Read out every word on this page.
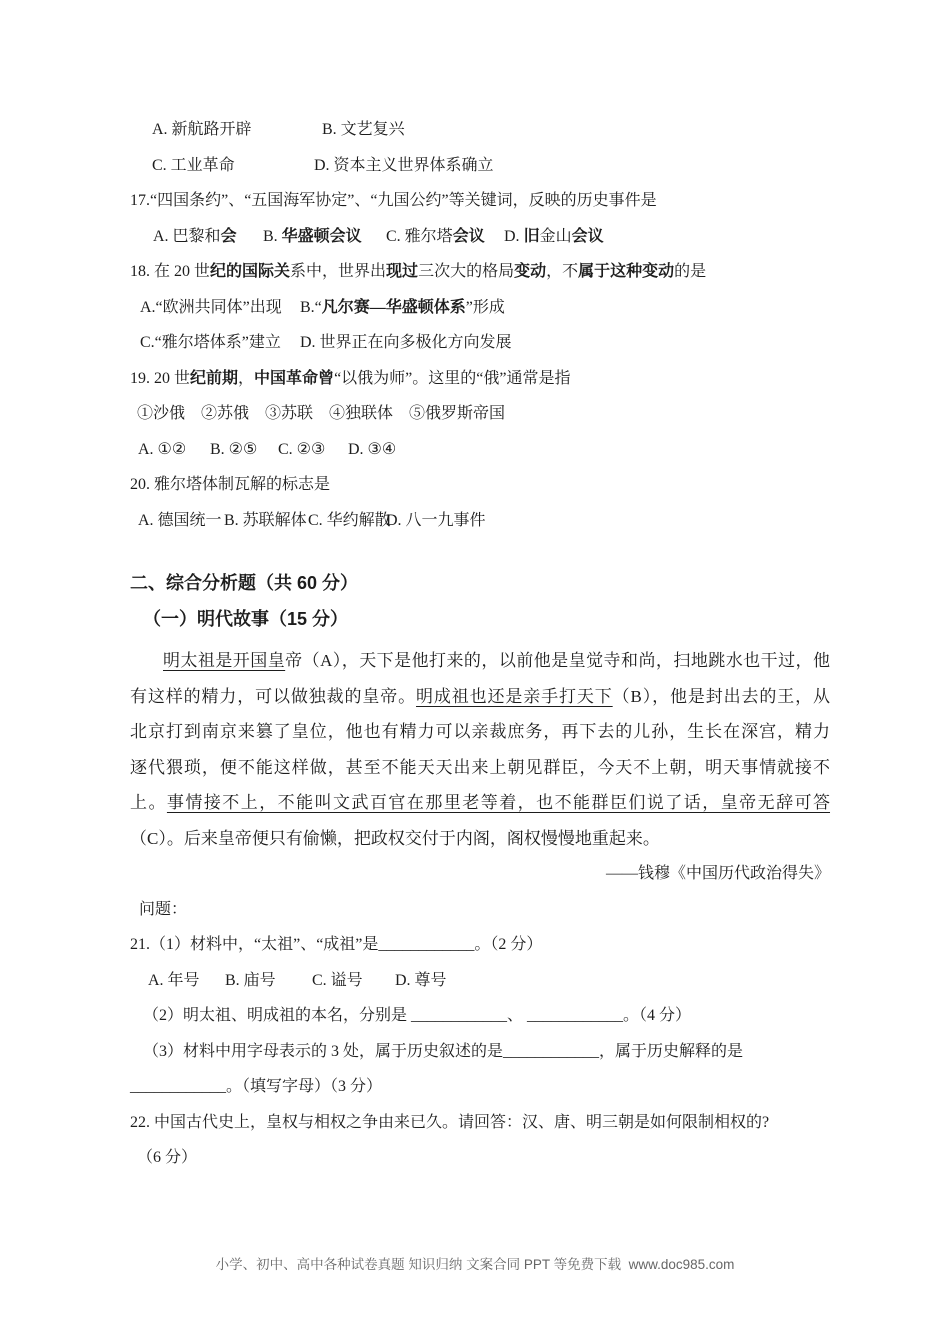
A. 新航路开辟	B. 文艺复兴
C. 工业革命	D. 资本主义世界体系确立
17.“四国条约”、“五国海军协定”、“九国公约”等关键词，反映的历史事件是
A. 巴黎和会 B. 华盛顿会议 C. 雅尔塔会议 D. 旧金山会议
18. 在 20 世纪的国际关系中，世界出现过三次大的格局变动，不属于这种变动的是
A.“欧洲共同体”出现 B.“凡尔赛—华盛顿体系”形成
C.“雅尔塔体系”建立 D. 世界正在向多极化方向发展
19. 20 世纪前期，中国革命曾“以俄为师”。这里的“俄”通常是指
①沙俄　②苏俄　③苏联　④独联体　⑤俄罗斯帝国
A. ①② B. ②⑤ C. ②③ D. ③④
20. 雅尔塔体制瓦解的标志是
A. 德国统一 B. 苏联解体C. 华约解散D. 八一九事件
二、综合分析题（共 60 分）
（一）明代故事（15 分）
明太祖是开国皇帝（A），天下是他打来的，以前他是皇觉寺和尚，扫地跳水也干过，他
有这样的精力，可以做独裁的皇帝。明成祖也还是亲手打天下（B），他是封出去的王，从
北京打到南京来篡了皇位，他也有精力可以亲裁庶务，再下去的儿孙，生长在深宫，精力
逐代猥琐，便不能这样做，甚至不能天天出来上朝见群臣，今天不上朝，明天事情就接不
上。事情接不上，不能叫文武百官在那里老等着，也不能群臣们说了话，皇帝无辞可答
（C）。后来皇帝便只有偷懒，把政权交付于内阁，阁权慢慢地重起来。
——钱穆《中国历代政治得失》
问题：
21.（1）材料中，“太祖”、“成祖”是____________。（2 分）
A. 年号 B. 庙号 C. 谥号 D. 尊号
（2）明太祖、明成祖的本名，分别是 ____________、 ____________。（4 分）
（3）材料中用字母表示的 3 处，属于历史叙述的是____________，属于历史解释的是
____________。（填写字母）（3 分）
22. 中国古代史上，皇权与相权之争由来已久。请回答：汉、唐、明三朝是如何限制相权的?
（6 分）
小学、初中、高中各种试卷真题 知识归纳 文案合同 PPT 等免费下载  www.doc985.com
